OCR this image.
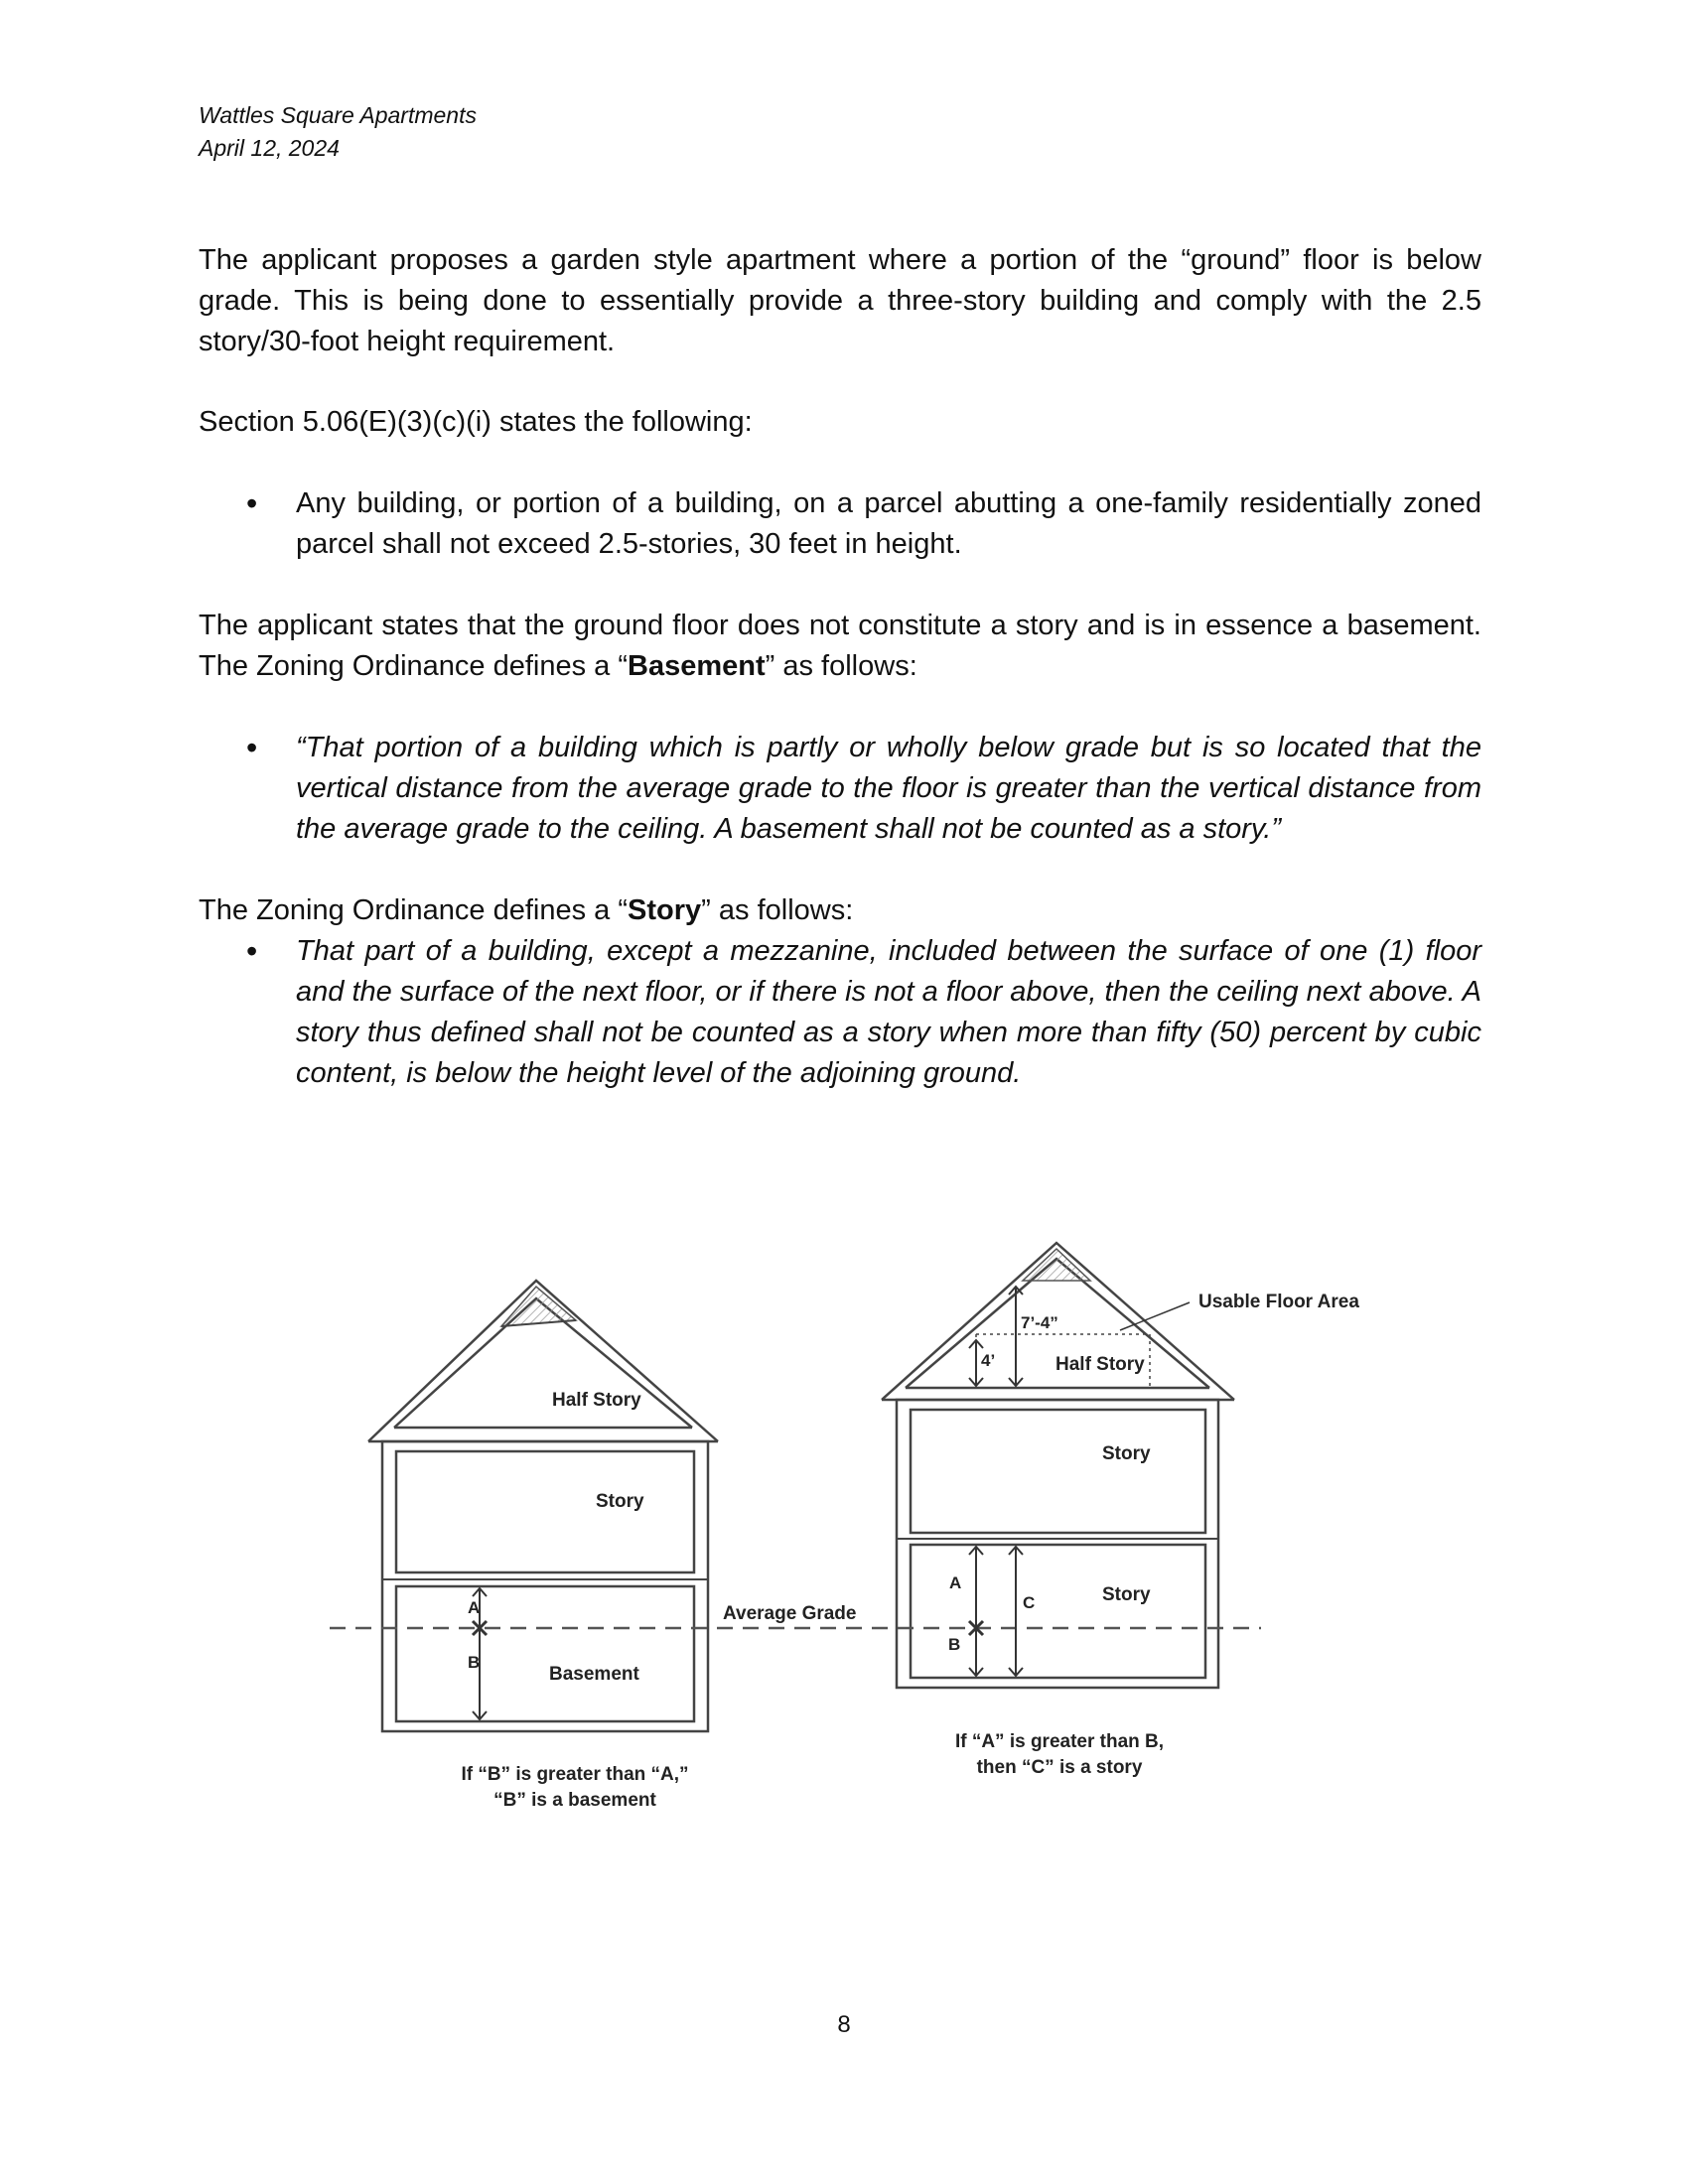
Wattles Square Apartments
April 12, 2024
The applicant proposes a garden style apartment where a portion of the “ground” floor is below grade. This is being done to essentially provide a three-story building and comply with the 2.5 story/30-foot height requirement.
Section 5.06(E)(3)(c)(i) states the following:
•
Any building, or portion of a building, on a parcel abutting a one-family residentially zoned parcel shall not exceed 2.5-stories, 30 feet in height.
The applicant states that the ground floor does not constitute a story and is in essence a basement. The Zoning Ordinance defines a “Basement” as follows:
•
“That portion of a building which is partly or wholly below grade but is so located that the vertical distance from the average grade to the floor is greater than the vertical distance from the average grade to the ceiling. A basement shall not be counted as a story.”
The Zoning Ordinance defines a “Story” as follows:
•
That part of a building, except a mezzanine, included between the surface of one (1) floor and the surface of the next floor, or if there is not a floor above, then the ceiling next above. A story thus defined shall not be counted as a story when more than fifty (50) percent by cubic content, is below the height level of the adjoining ground.
Half Story
Story
Basement
A
B
If “B” is greater than “A,”
“B” is a basement
Average Grade
Usable Floor Area
7’-4”
4’	Half Story
Story
Story
A
B
C
If “A” is greater than B,
then “C” is a story
8
